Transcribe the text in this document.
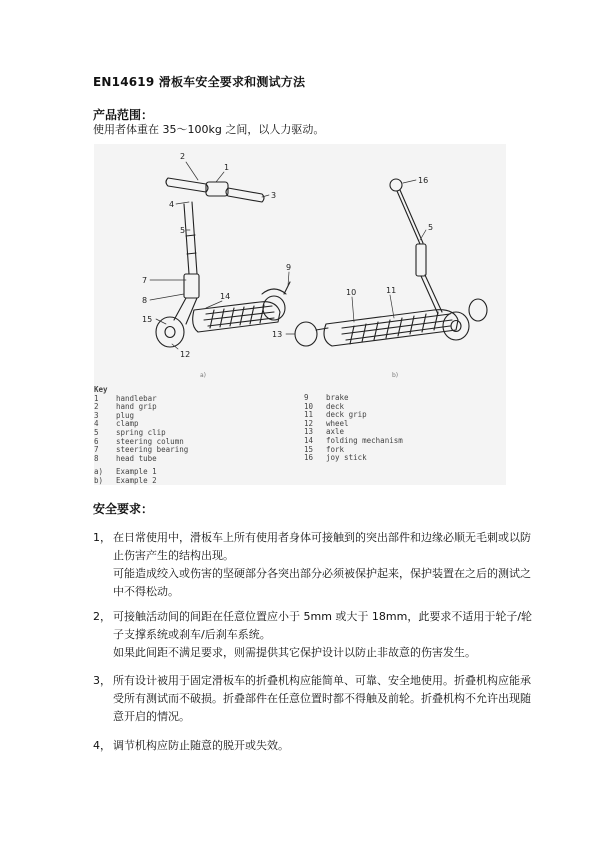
EN14619 滑板车安全要求和测试方法
产品范围：
使用者体重在 35～100kg 之间，以人力驱动。
2
1
3
4
5
7
8
9
12
14
15
16
5
10	11
13
a)	b)
Key
1	handlebar
2	hand grip
3	plug
4	clamp
5	spring clip
6	steering column
7	steering bearing
8	head tube
a)	Example 1
b)	Example 2
9	brake
10	deck
11	deck grip
12	wheel
13	axle
14	folding mechanism
15	fork
16	joy stick
安全要求：
1， 在日常使用中，滑板车上所有使用者身体可接触到的突出部件和边缘必顺无毛刺或以防止伤害产生的结构出现。
可能造成绞入或伤害的坚硬部分各突出部分必须被保护起来，保护装置在之后的测试之中不得松动。
2， 可接触活动间的间距在任意位置应小于 5mm 或大于 18mm，此要求不适用于轮子/轮子支撑系统或刹车/后刹车系统。
如果此间距不满足要求，则需提供其它保护设计以防止非故意的伤害发生。
3， 所有设计被用于固定滑板车的折叠机构应能简单、可靠、安全地使用。折叠机构应能承受所有测试而不破损。折叠部件在任意位置时都不得触及前轮。折叠机构不允许出现随意开启的情况。
4， 调节机构应防止随意的脱开或失效。
